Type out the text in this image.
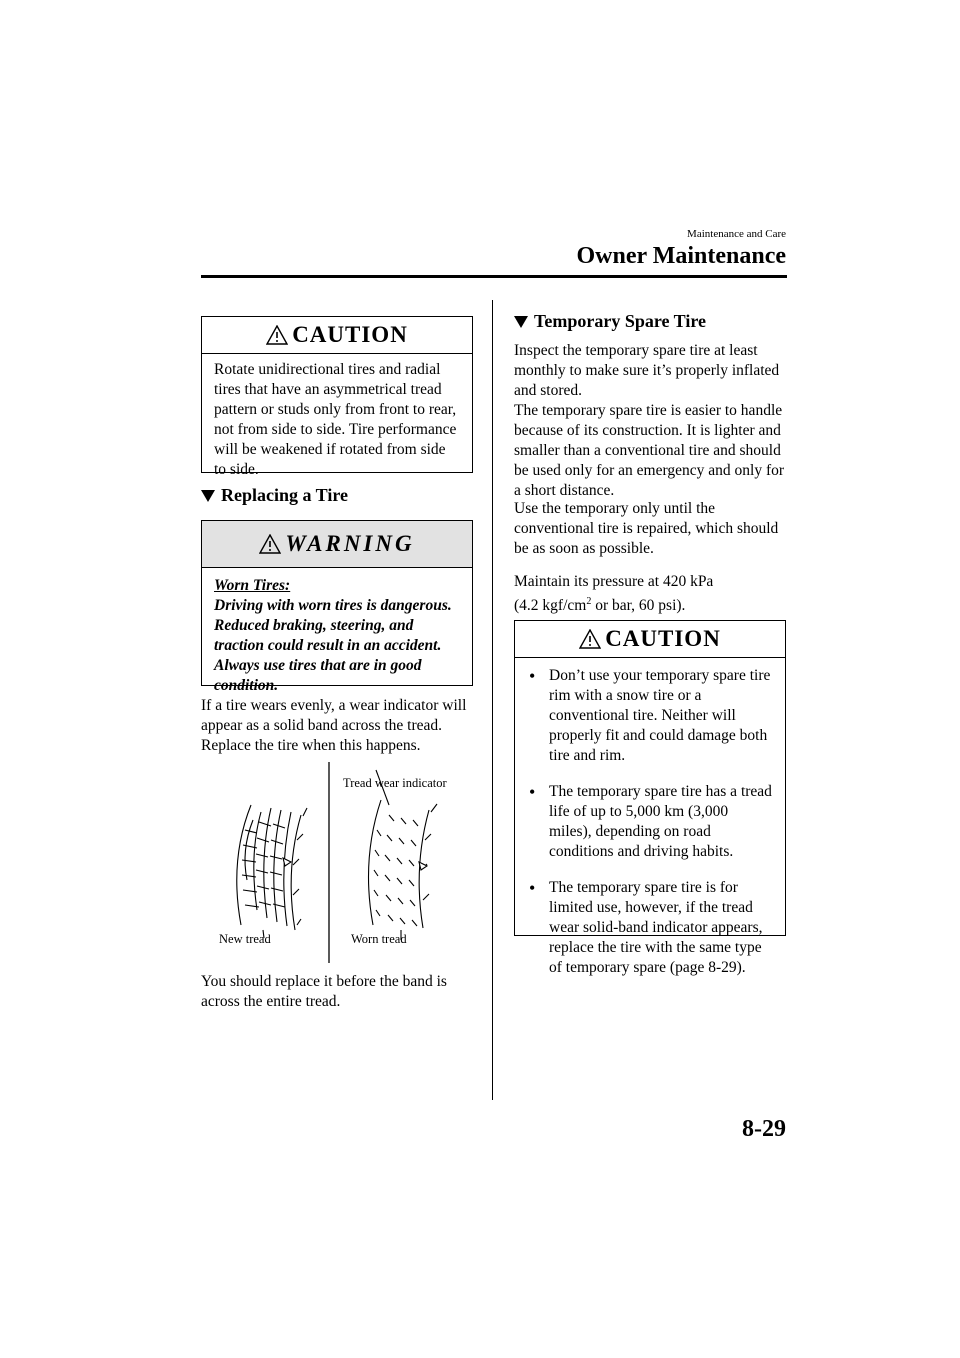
Maintenance and Care
Owner Maintenance
CAUTION

Rotate unidirectional tires and radial tires that have an asymmetrical tread pattern or studs only from front to rear, not from side to side. Tire performance will be weakened if rotated from side to side.

Replacing a Tire
WARNING

Worn Tires:

Driving with worn tires is dangerous. Reduced braking, steering, and traction could result in an accident. Always use tires that are in good condition.

If a tire wears evenly, a wear indicator will appear as a solid band across the tread. Replace the tire when this happens.

Tread wear indicator
New tread	Worn tread

You should replace it before the band is across the entire tread.

Temporary Spare Tire

Inspect the temporary spare tire at least monthly to make sure it’s properly inflated and stored.

The temporary spare tire is easier to handle because of its construction. It is lighter and smaller than a conventional tire and should be used only for an emergency and only for a short distance.

Use the temporary only until the conventional tire is repaired, which should be as soon as possible.

Maintain its pressure at 420 kPa

(4.2 kgf/$cm^2$ or bar, 60 psi).

CAUTION
• Don’t use your temporary spare tire rim with a snow tire or a conventional tire. Neither will properly fit and could damage both tire and rim.
• The temporary spare tire has a tread life of up to 5,000 km (3,000 miles), depending on road conditions and driving habits.
• The temporary spare tire is for limited use, however, if the tread wear solid-band indicator appears, replace the tire with the same type of temporary spare (page 8-29).
8-29
